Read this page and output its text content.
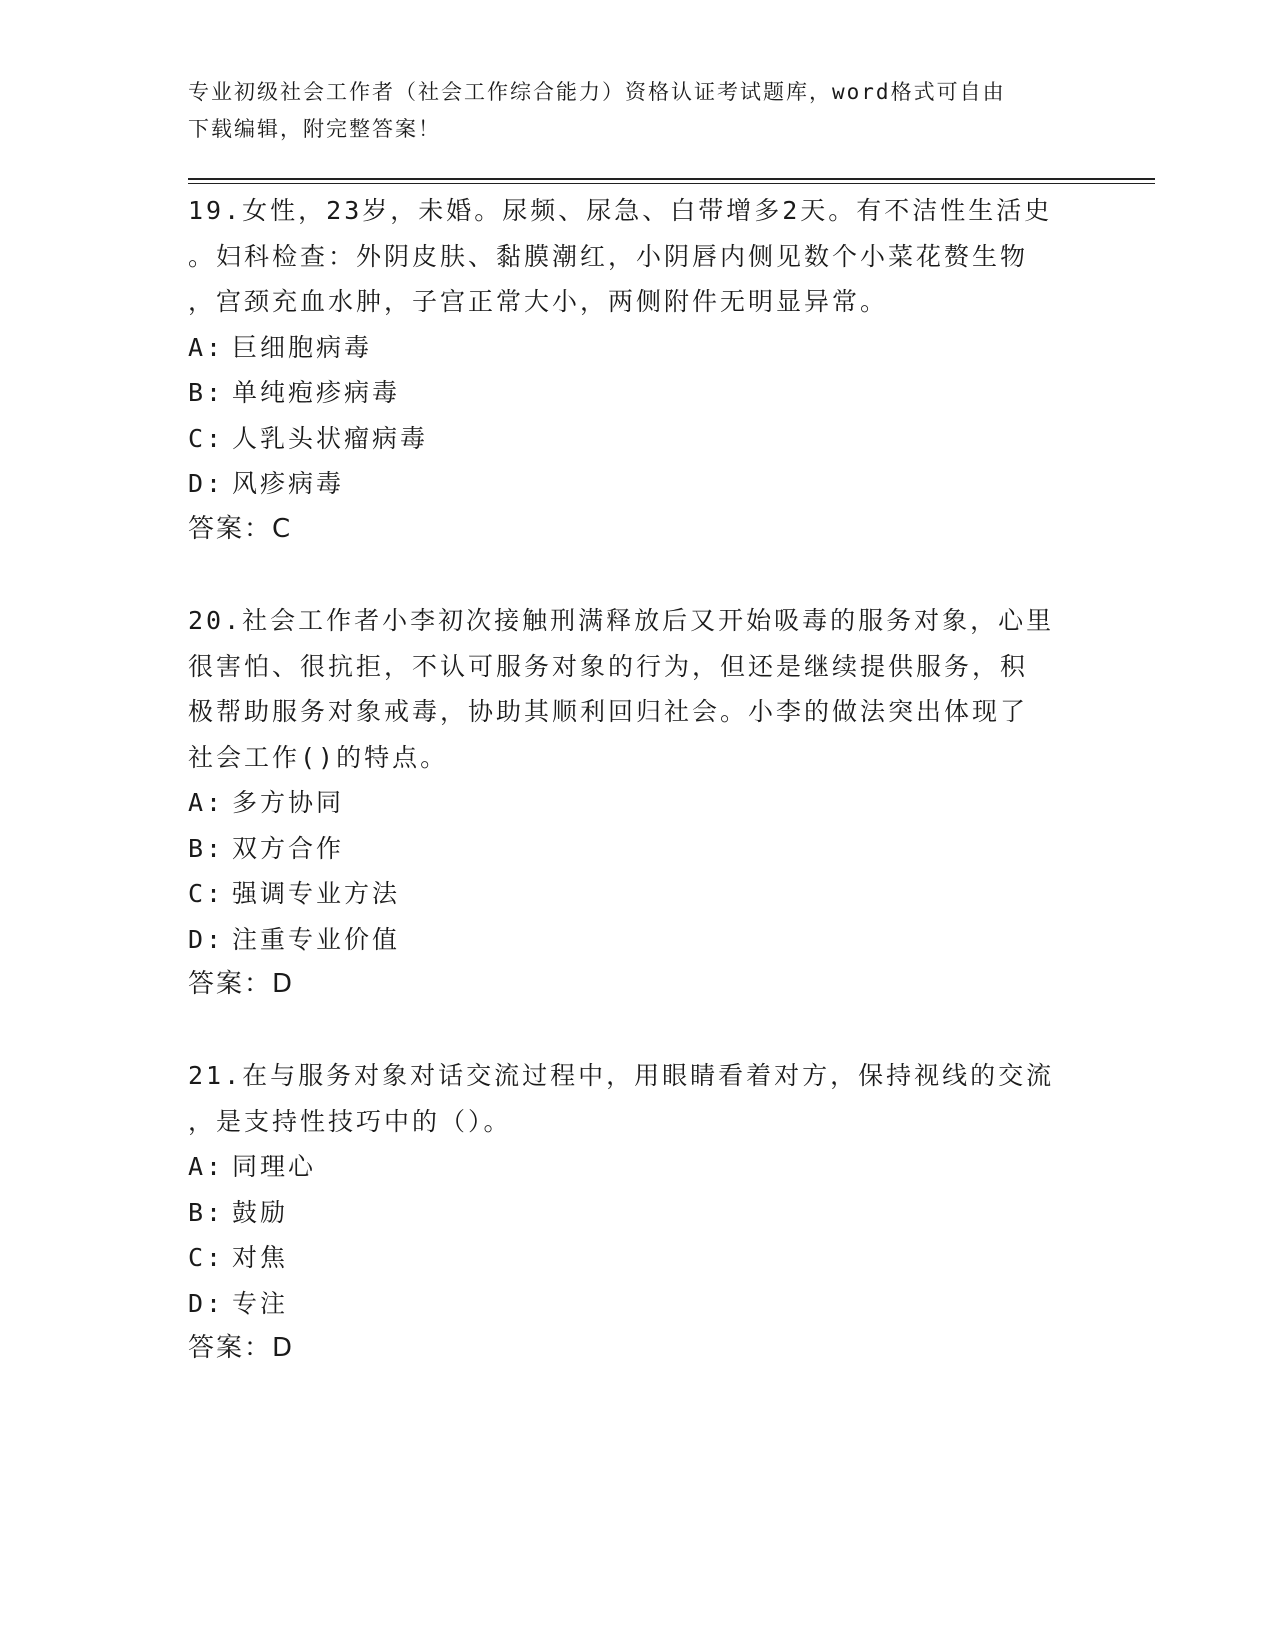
专业初级社会工作者（社会工作综合能力）资格认证考试题库，word格式可自由
下载编辑，附完整答案！

19.女性，23岁，未婚。尿频、尿急、白带增多2天。有不洁性生活史

。妇科检查：外阴皮肤、黏膜潮红，小阴唇内侧见数个小菜花赘生物

，宫颈充血水肿，子宫正常大小，两侧附件无明显异常。

A: 巨细胞病毒

B: 单纯疱疹病毒

C: 人乳头状瘤病毒

D: 风疹病毒

答案：C

20.社会工作者小李初次接触刑满释放后又开始吸毒的服务对象，心里

很害怕、很抗拒，不认可服务对象的行为，但还是继续提供服务，积

极帮助服务对象戒毒，协助其顺利回归社会。小李的做法突出体现了

社会工作()的特点。

A: 多方协同

B: 双方合作

C: 强调专业方法

D: 注重专业价值

答案：D

21.在与服务对象对话交流过程中，用眼睛看着对方，保持视线的交流

，是支持性技巧中的（）。

A: 同理心

B: 鼓励

C: 对焦

D: 专注

答案：D
